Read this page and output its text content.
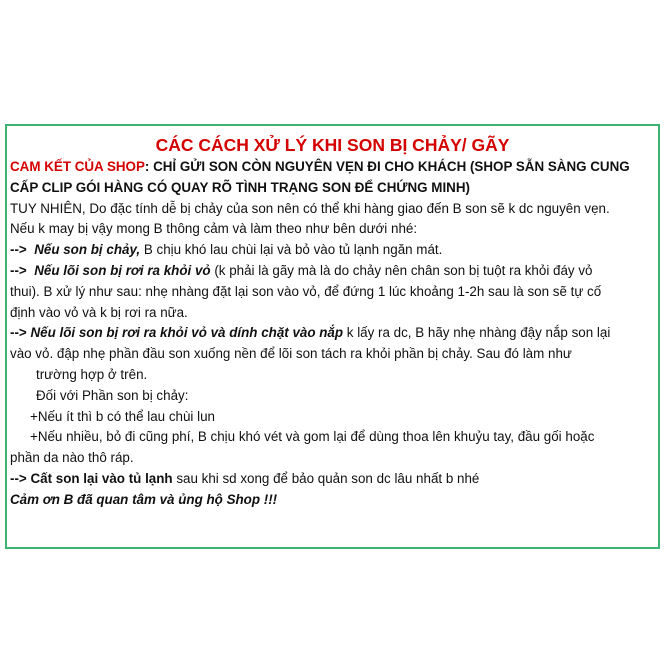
CÁC CÁCH XỬ LÝ KHI SON BỊ CHẢY/ GÃY
CAM KẾT CỦA SHOP: CHỈ GỬI SON CÒN NGUYÊN VẸN ĐI CHO KHÁCH (SHOP SẴN SÀNG CUNG
CẤP CLIP GÓI HÀNG CÓ QUAY RÕ TÌNH TRẠNG SON ĐỂ CHỨNG MINH)
TUY NHIÊN, Do đặc tính dễ bị chảy của son nên có thể khi hàng giao đến B son sẽ k dc nguyên vẹn.
Nếu k may bị vậy mong B thông cảm và làm theo như bên dưới nhé:
--> Nếu son bị chảy, B chịu khó lau chùi lại và bỏ vào tủ lạnh ngăn mát.
--> Nếu lõi son bị rơi ra khỏi vỏ (k phải là gãy mà là do chảy nên chân son bị tuột ra khỏi đáy vỏ
thui). B xử lý như sau: nhẹ nhàng đặt lại son vào vỏ, để đứng 1 lúc khoảng 1-2h sau là son sẽ tự cố
định vào vỏ và k bị rơi ra nữa.
--> Nếu lõi son bị rơi ra khỏi vỏ và dính chặt vào nắp k lấy ra dc, B hãy nhẹ nhàng đậy nắp son lại
vào vỏ. đập nhẹ phần đầu son xuống nền để lõi son tách ra khỏi phần bị chảy. Sau đó làm như
trường hợp ở trên.
Đối với Phần son bị chảy:
+Nếu ít thì b có thể lau chùi lun
+Nếu nhiều, bỏ đi cũng phí, B chịu khó vét và gom lại để dùng thoa lên khuỷu tay, đầu gối hoặc
phần da nào thô ráp.
--> Cất son lại vào tủ lạnh sau khi sd xong để bảo quản son dc lâu nhất b nhé
Cảm ơn B đã quan tâm và ủng hộ Shop !!!
